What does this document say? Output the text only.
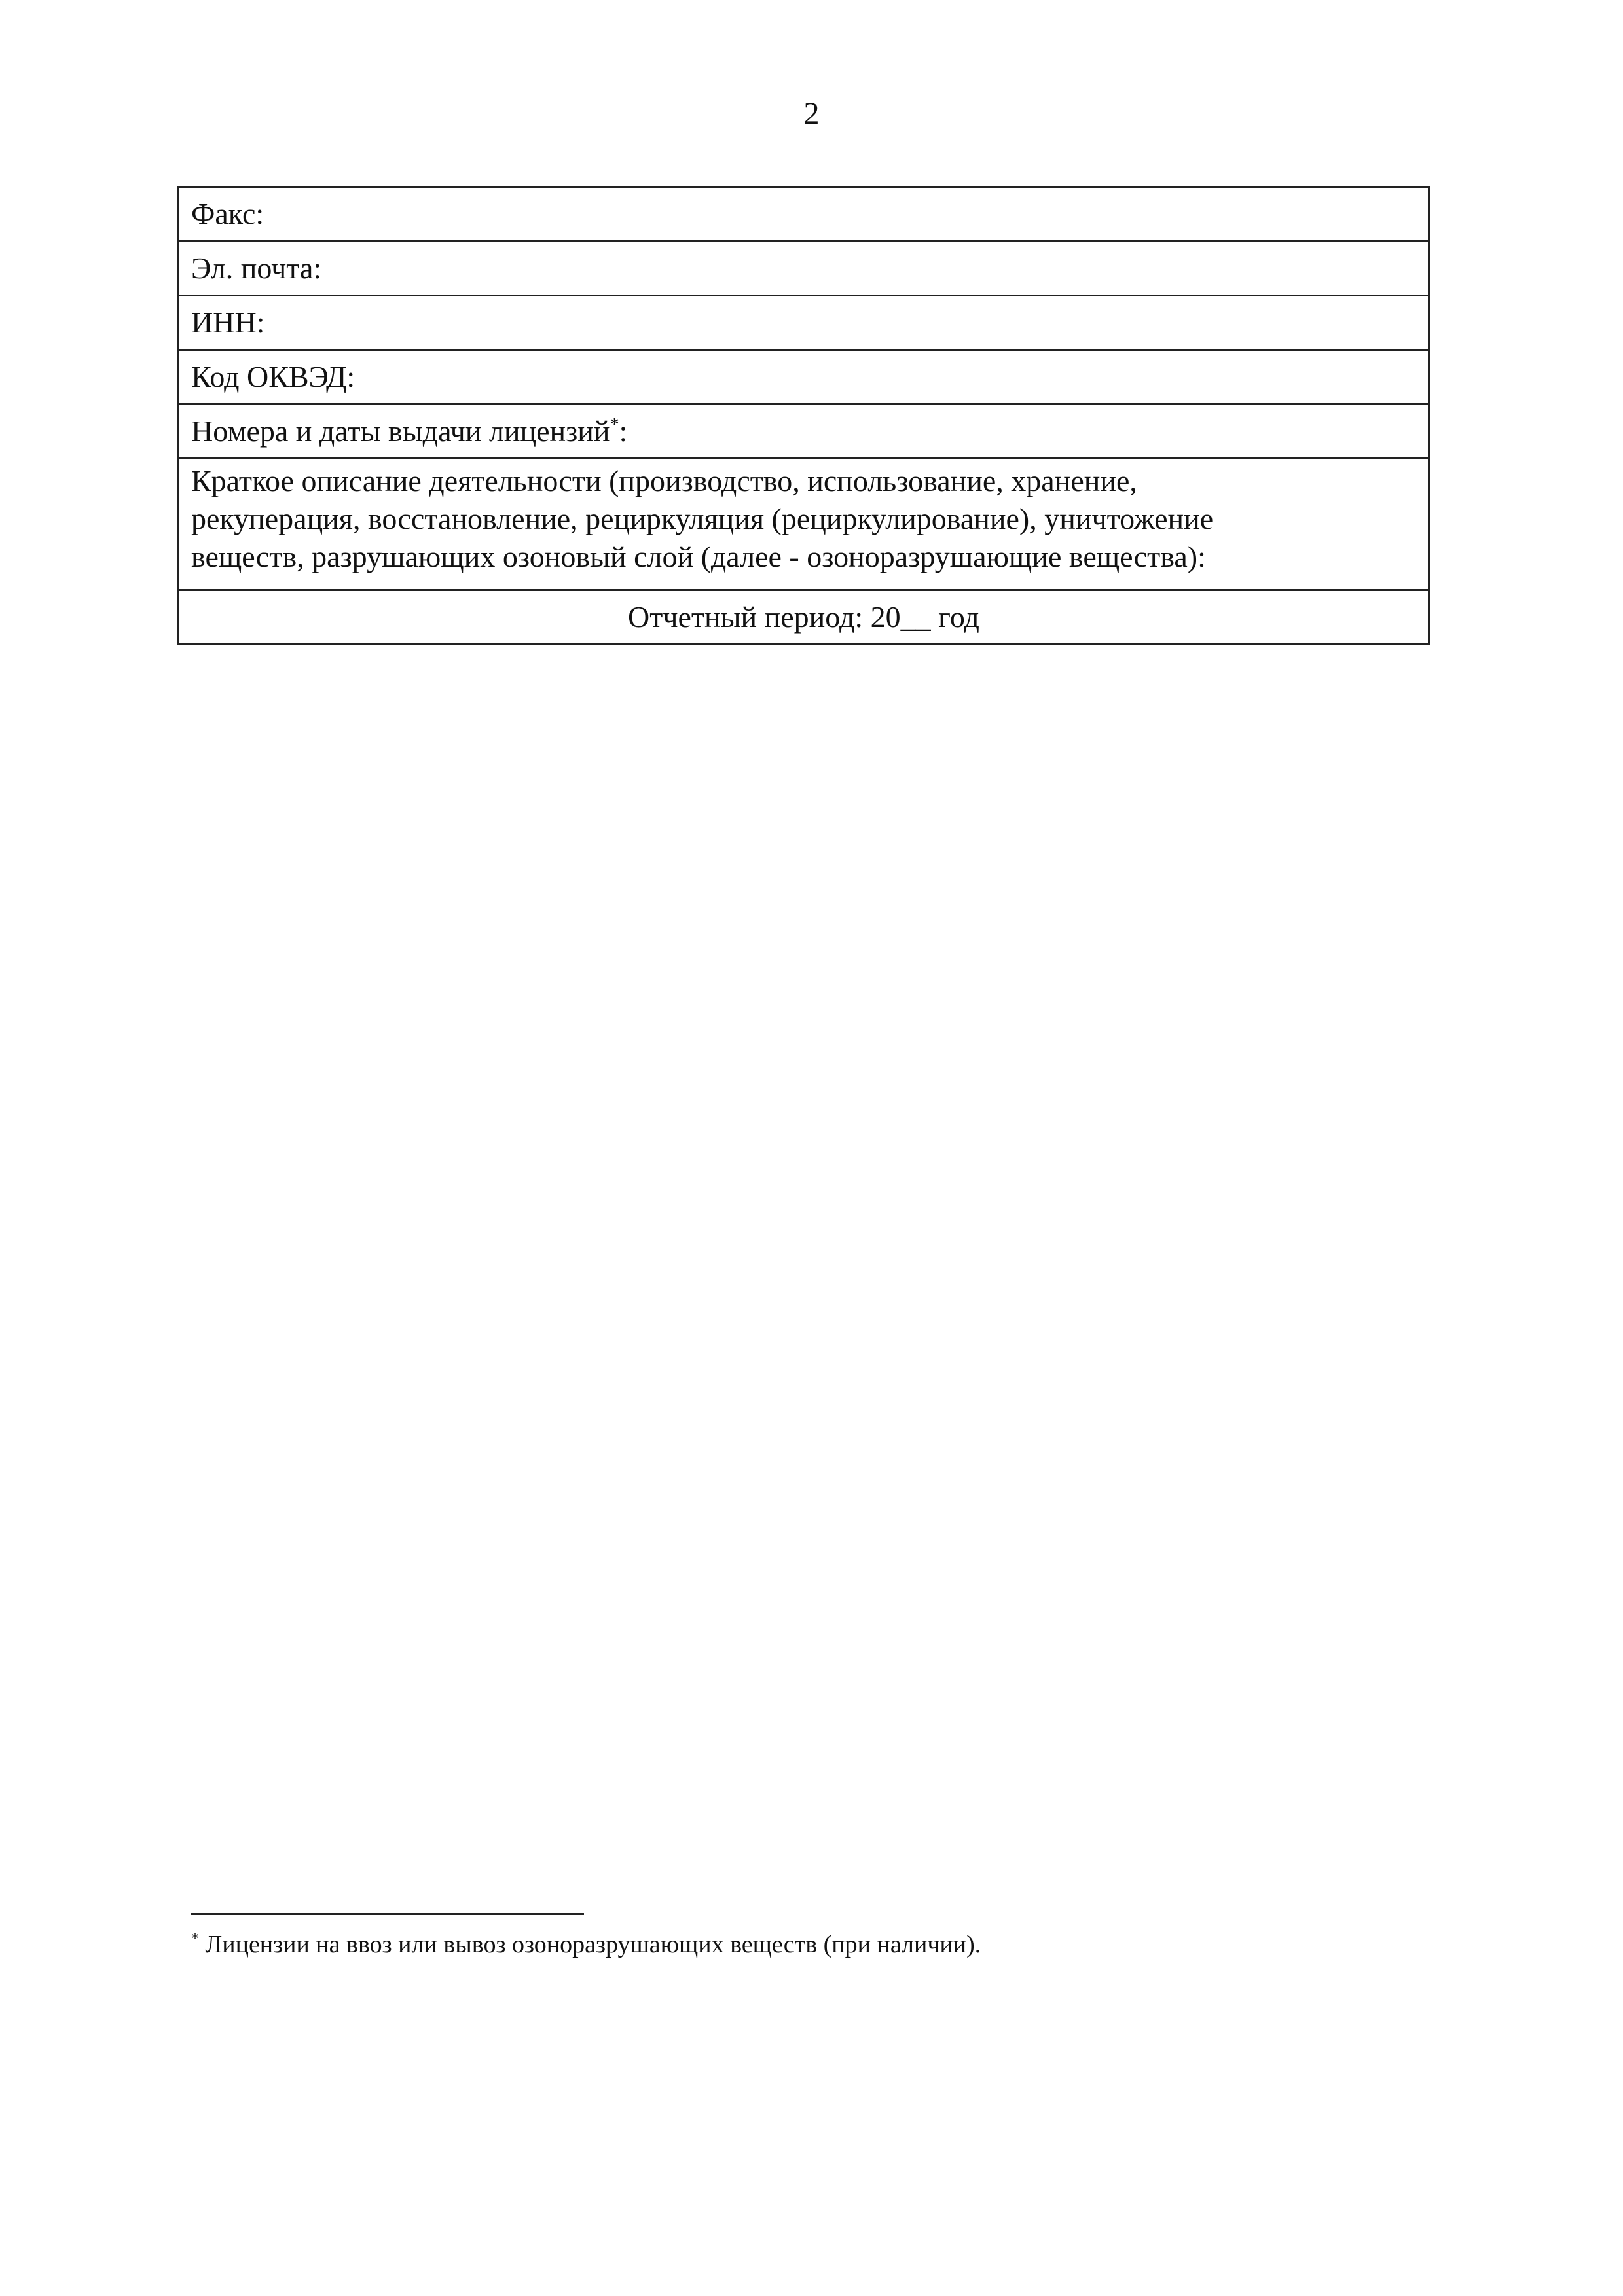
2
Факс:
Эл. почта:
ИНН:
Код ОКВЭД:
Номера и даты выдачи лицензий*:

Краткое описание деятельности (производство, использование, хранение,
рекуперация, восстановление, рециркуляция (рециркулирование), уничтожение
веществ, разрушающих озоновый слой (далее - озоноразрушающие вещества):

Отчетный период: 20__ год
* Лицензии на ввоз или вывоз озоноразрушающих веществ (при наличии).
